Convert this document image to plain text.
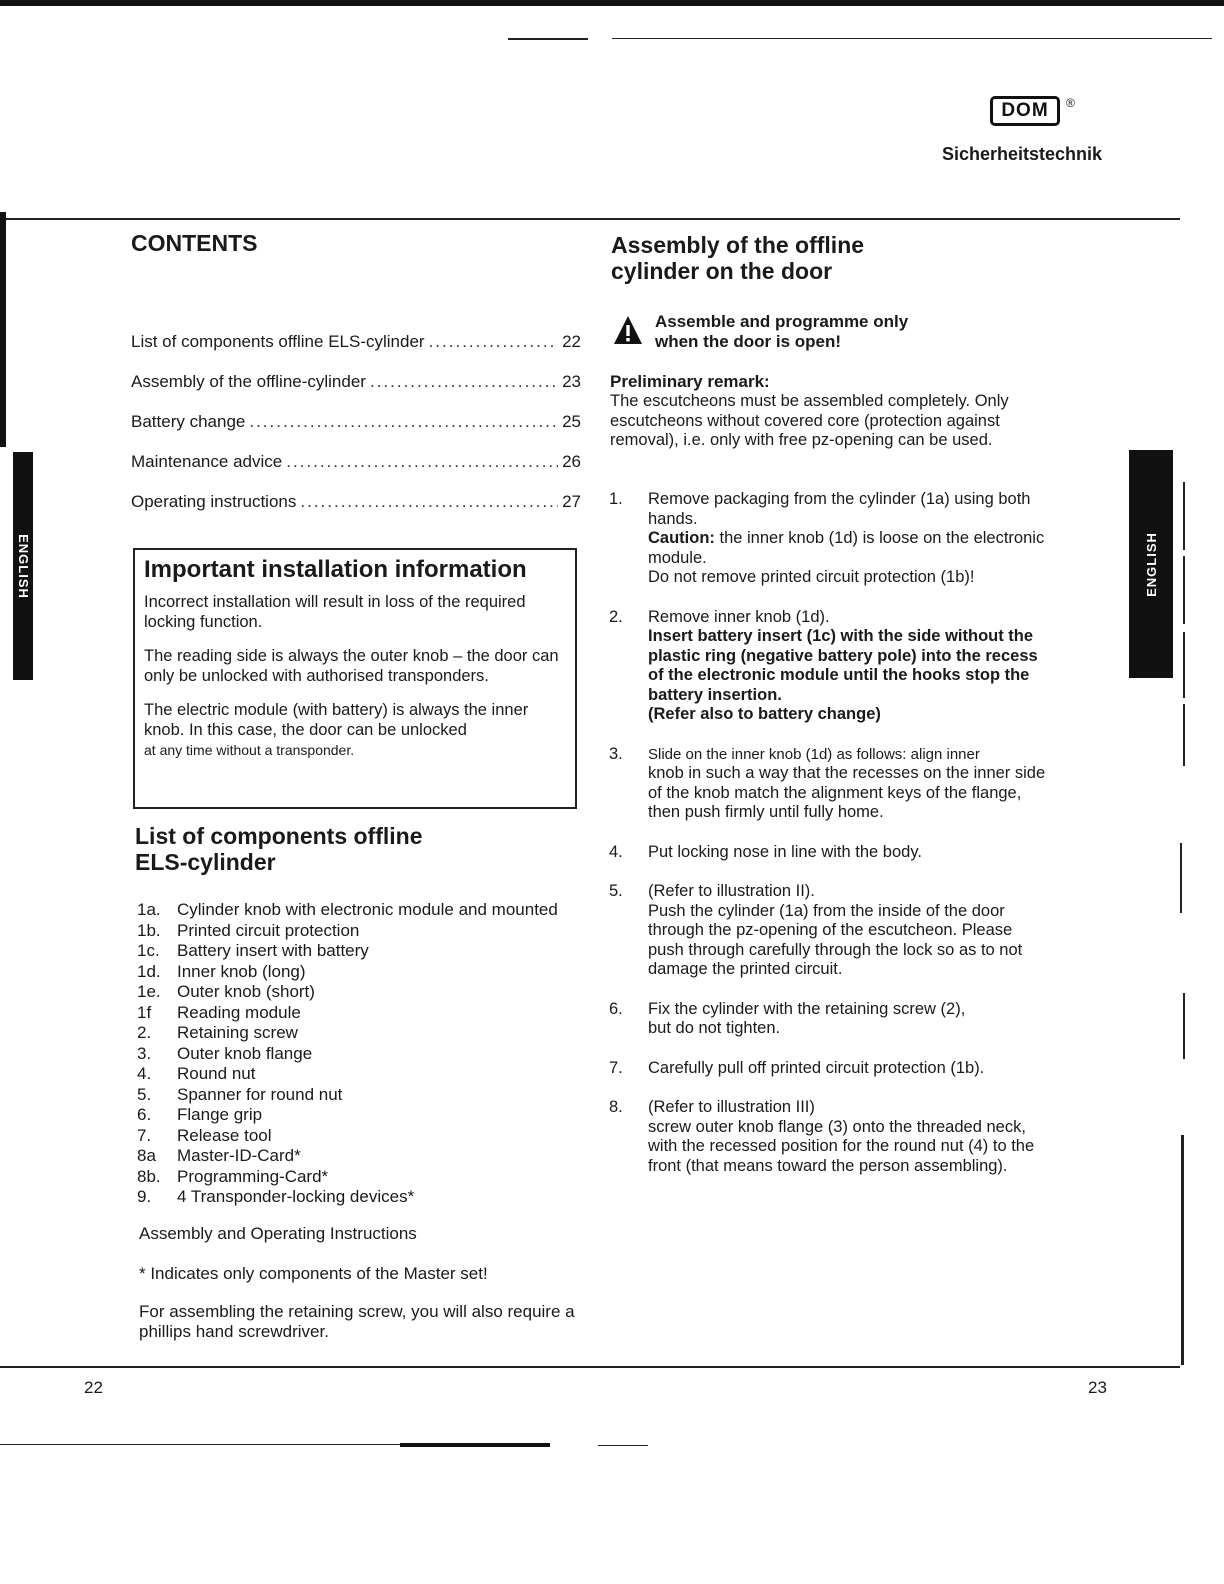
DOM ®
Sicherheitstechnik
ENGLISH	ENGLISH
CONTENTS
List of components offline ELS-cylinder .....	22
Assembly of the offline-cylinder .....	23
Battery change .....	25
Maintenance advice .....	26
Operating instructions .....	27
Important installation information

Incorrect installation will result in loss of the required locking function.

The reading side is always the outer knob – the door can only be unlocked with authorised transponders.

The electric module (with battery) is always the inner knob. In this case, the door can be unlocked
at any time without a transponder.

List of components offline
ELS-cylinder
1a. Cylinder knob with electronic module and mounted
1b. Printed circuit protection
1c.	Battery insert with battery
1d. Inner knob (long)
1e. Outer knob (short)
1f	Reading module
2.	Retaining screw
3.	Outer knob flange
4.	Round nut
5.	Spanner for round nut
6.	Flange grip
7.	Release tool
8a	Master-ID-Card*
8b. Programming-Card*
9.	4 Transponder-locking devices*

Assembly and Operating Instructions

* Indicates only components of the Master set!

For assembling the retaining screw, you will also require a phillips hand screwdriver.

22
Assembly of the offline
cylinder on the door
Assemble and programme only
when the door is open!

Preliminary remark:

The escutcheons must be assembled completely. Only escutcheons without covered core (protection against removal), i.e. only with free pz-opening can be used.

1.	Remove packaging from the cylinder (1a) using both hands.
Caution: the inner knob (1d) is loose on the electronic module.
Do not remove printed circuit protection (1b)!
2.	Remove inner knob (1d).
Insert battery insert (1c) with the side without the plastic ring (negative battery pole) into the recess of the electronic module until the hooks stop the battery insertion.
(Refer also to battery change)
3.	Slide on the inner knob (1d) as follows: align inner
knob in such a way that the recesses on the inner side of the knob match the alignment keys of the flange, then push firmly until fully home.
4.	Put locking nose in line with the body.
5.	(Refer to illustration II).
Push the cylinder (1a) from the inside of the door through the pz-opening of the escutcheon. Please push through carefully through the lock so as to not damage the printed circuit.
6.	Fix the cylinder with the retaining screw (2),
but do not tighten.
7.	Carefully pull off printed circuit protection (1b).
8.	(Refer to illustration III)
screw outer knob flange (3) onto the threaded neck, with the recessed position for the round nut (4) to the front (that means toward the person assembling).
23
